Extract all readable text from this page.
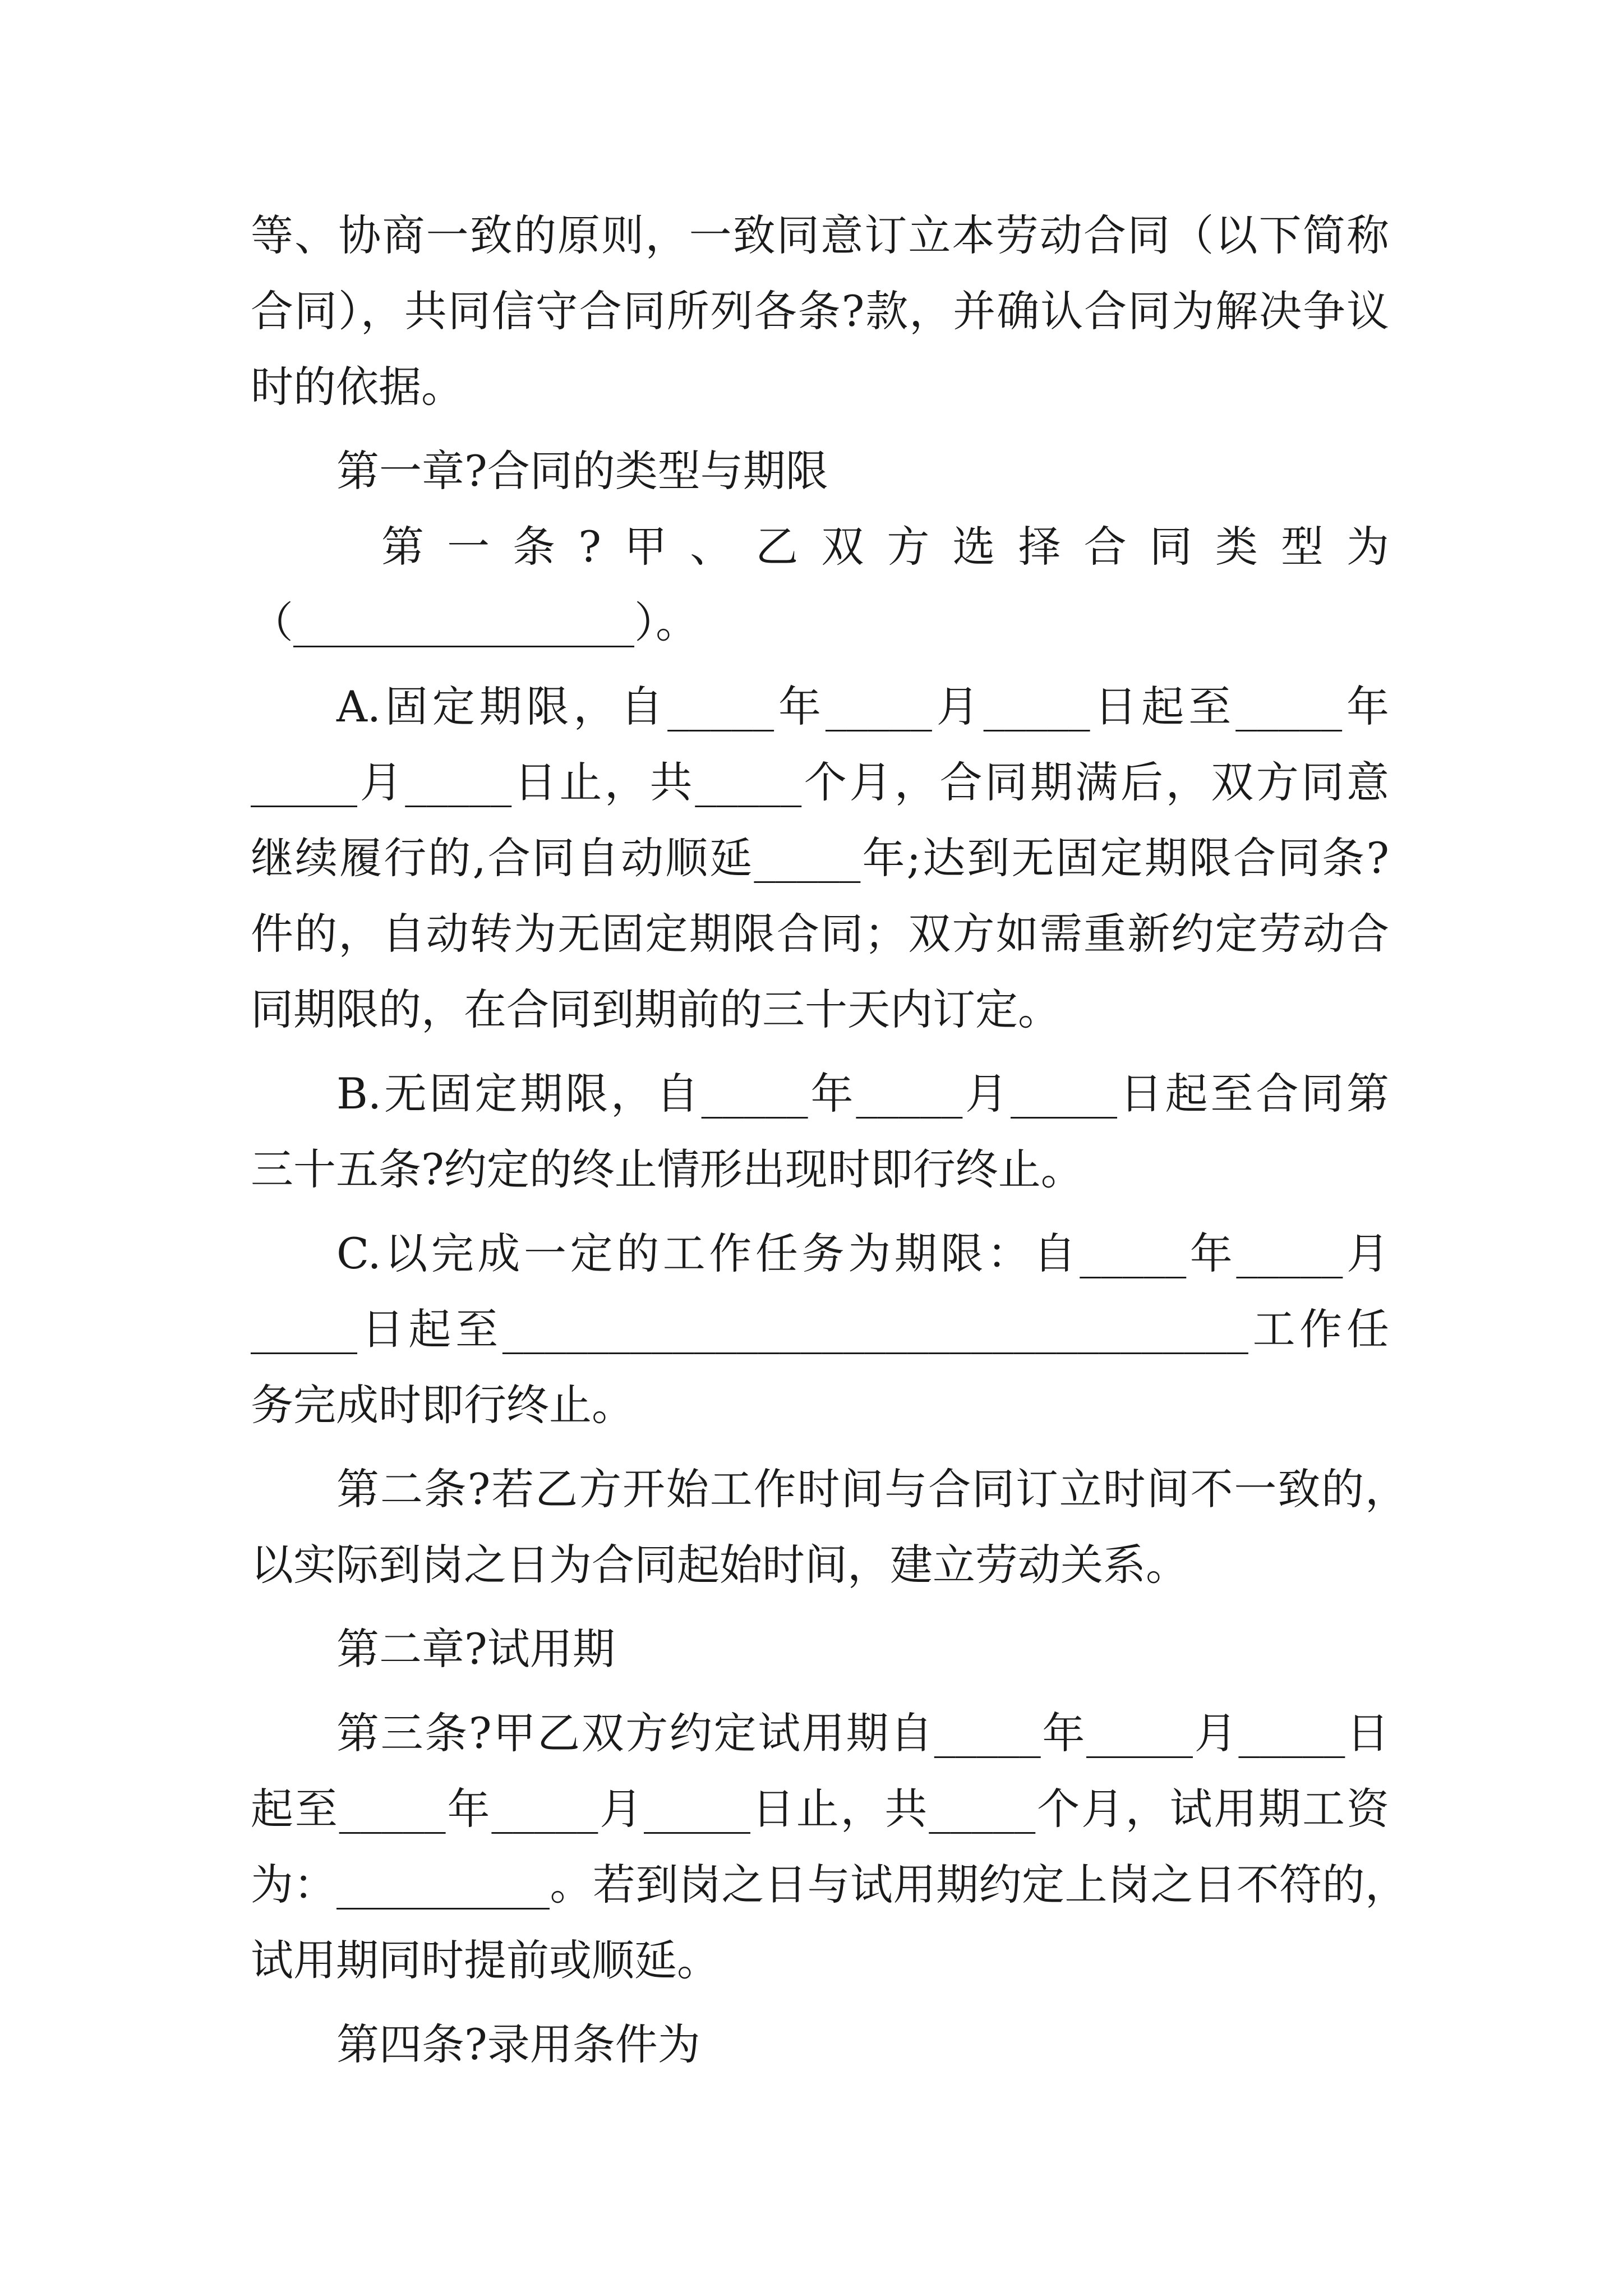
等、协商一致的原则，一致同意订立本劳动合同（以下简称
合同），共同信守合同所列各条?款，并确认合同为解决争议
时的依据。
第一章?合同的类型与期限
第一条?甲、乙双方选择合同类型为
（________________）。
A.固定期限，自_____年_____月_____日起至_____年
_____月_____日止，共_____个月，合同期满后，双方同意
继续履行的,合同自动顺延_____年;达到无固定期限合同条?
件的，自动转为无固定期限合同；双方如需重新约定劳动合
同期限的，在合同到期前的三十天内订定。
B.无固定期限，自_____年_____月_____日起至合同第
三十五条?约定的终止情形出现时即行终止。
C.以完成一定的工作任务为期限：自_____年_____月
_____日起至___________________________________工作任
务完成时即行终止。
第二条?若乙方开始工作时间与合同订立时间不一致的，
以实际到岗之日为合同起始时间，建立劳动关系。
第二章?试用期
第三条?甲乙双方约定试用期自_____年_____月_____日
起至_____年_____月_____日止，共_____个月，试用期工资
为：__________。若到岗之日与试用期约定上岗之日不符的，
试用期同时提前或顺延。
第四条?录用条件为
